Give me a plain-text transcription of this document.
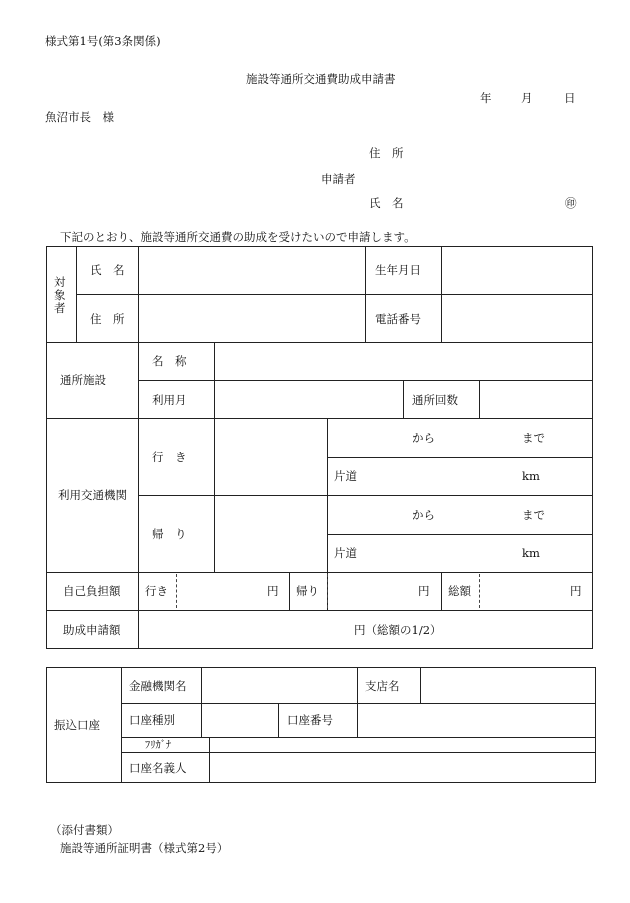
様式第1号(第3条関係)
施設等通所交通費助成申請書
年	月	日
魚沼市長　様
住　所
申請者
氏　名	㊞
下記のとおり、施設等通所交通費の助成を受けたいので申請します。
対象者
氏　名	生年月日
住　所	電話番号
通所施設
名　称
利用月	通所回数
利用交通機関
行　き
から	まで
片道	km
帰　り
から	まで
片道	km
自己負担額 行き	円 帰り	円 総額	円
助成申請額	円（総額の1/2）
振込口座
金融機関名	支店名
口座種別	口座番号
ﾌﾘｶﾞﾅ
口座名義人
（添付書類）
施設等通所証明書（様式第2号）
